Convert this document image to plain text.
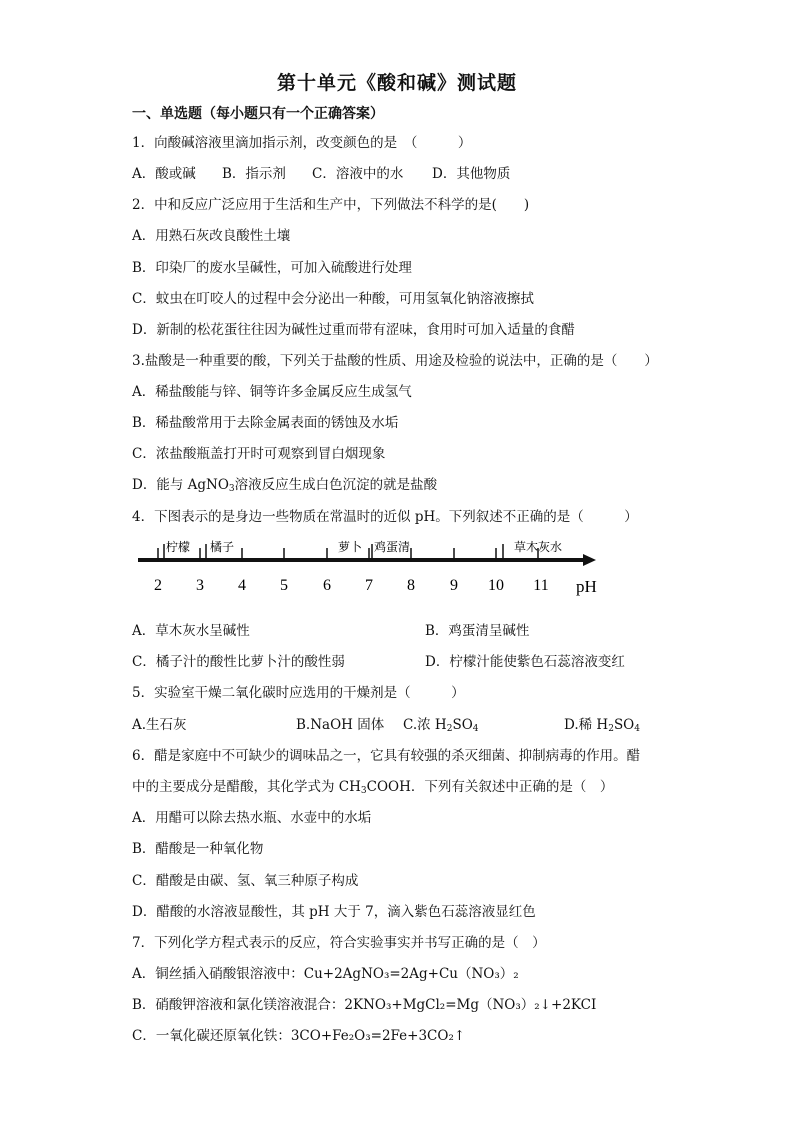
第十单元《酸和碱》测试题
一、单选题（每小题只有一个正确答案）
1．向酸碱溶液里滴加指示剂，改变颜色的是　（　　　）
A．酸或碱 B．指示剂 C．溶液中的水 D．其他物质
2．中和反应广泛应用于生活和生产中，下列做法不科学的是(　　)
A．用熟石灰改良酸性土壤
B．印染厂的废水呈碱性，可加入硫酸进行处理
C．蚊虫在叮咬人的过程中会分泌出一种酸，可用氢氧化钠溶液擦拭
D．新制的松花蛋往往因为碱性过重而带有涩味，食用时可加入适量的食醋
3.盐酸是一种重要的酸，下列关于盐酸的性质、用途及检验的说法中，正确的是（　　）
A．稀盐酸能与锌、铜等许多金属反应生成氢气
B．稀盐酸常用于去除金属表面的锈蚀及水垢
C．浓盐酸瓶盖打开时可观察到冒白烟现象
D．能与 AgNO$_3$溶液反应生成白色沉淀的就是盐酸
4．下图表示的是身边一些物质在常温时的近似 pH。下列叙述不正确的是（　　　）
柠檬 橘子	萝卜 鸡蛋清	草木灰水
2 3 4 5 6 7 8 9 10 11 pH
A．草木灰水呈碱性	B．鸡蛋清呈碱性
C．橘子汁的酸性比萝卜汁的酸性弱	D．柠檬汁能使紫色石蕊溶液变红
5．实验室干燥二氧化碳时应选用的干燥剂是（　　　）
A.生石灰	B.NaOH 固体 C.浓 $H_2SO_4$	D.稀 $H_2SO_4$
6．醋是家庭中不可缺少的调味品之一，它具有较强的杀灭细菌、抑制病毒的作用。醋
中的主要成分是醋酸，其化学式为 $CH_3COOH$．下列有关叙述中正确的是（　）
A．用醋可以除去热水瓶、水壶中的水垢
B．醋酸是一种氧化物
C．醋酸是由碳、氢、氧三种原子构成
D．醋酸的水溶液显酸性，其 pH 大于 7，滴入紫色石蕊溶液显红色
7．下列化学方程式表示的反应，符合实验事实并书写正确的是（　）
A．铜丝插入硝酸银溶液中：Cu+2AgNO₃=2Ag+Cu（NO₃）₂
B．硝酸钾溶液和氯化镁溶液混合：2KNO₃+MgCl₂=Mg（NO₃）₂↓+2KCI
C．一氧化碳还原氧化铁：3CO+Fe₂O₃=2Fe+3CO₂↑
